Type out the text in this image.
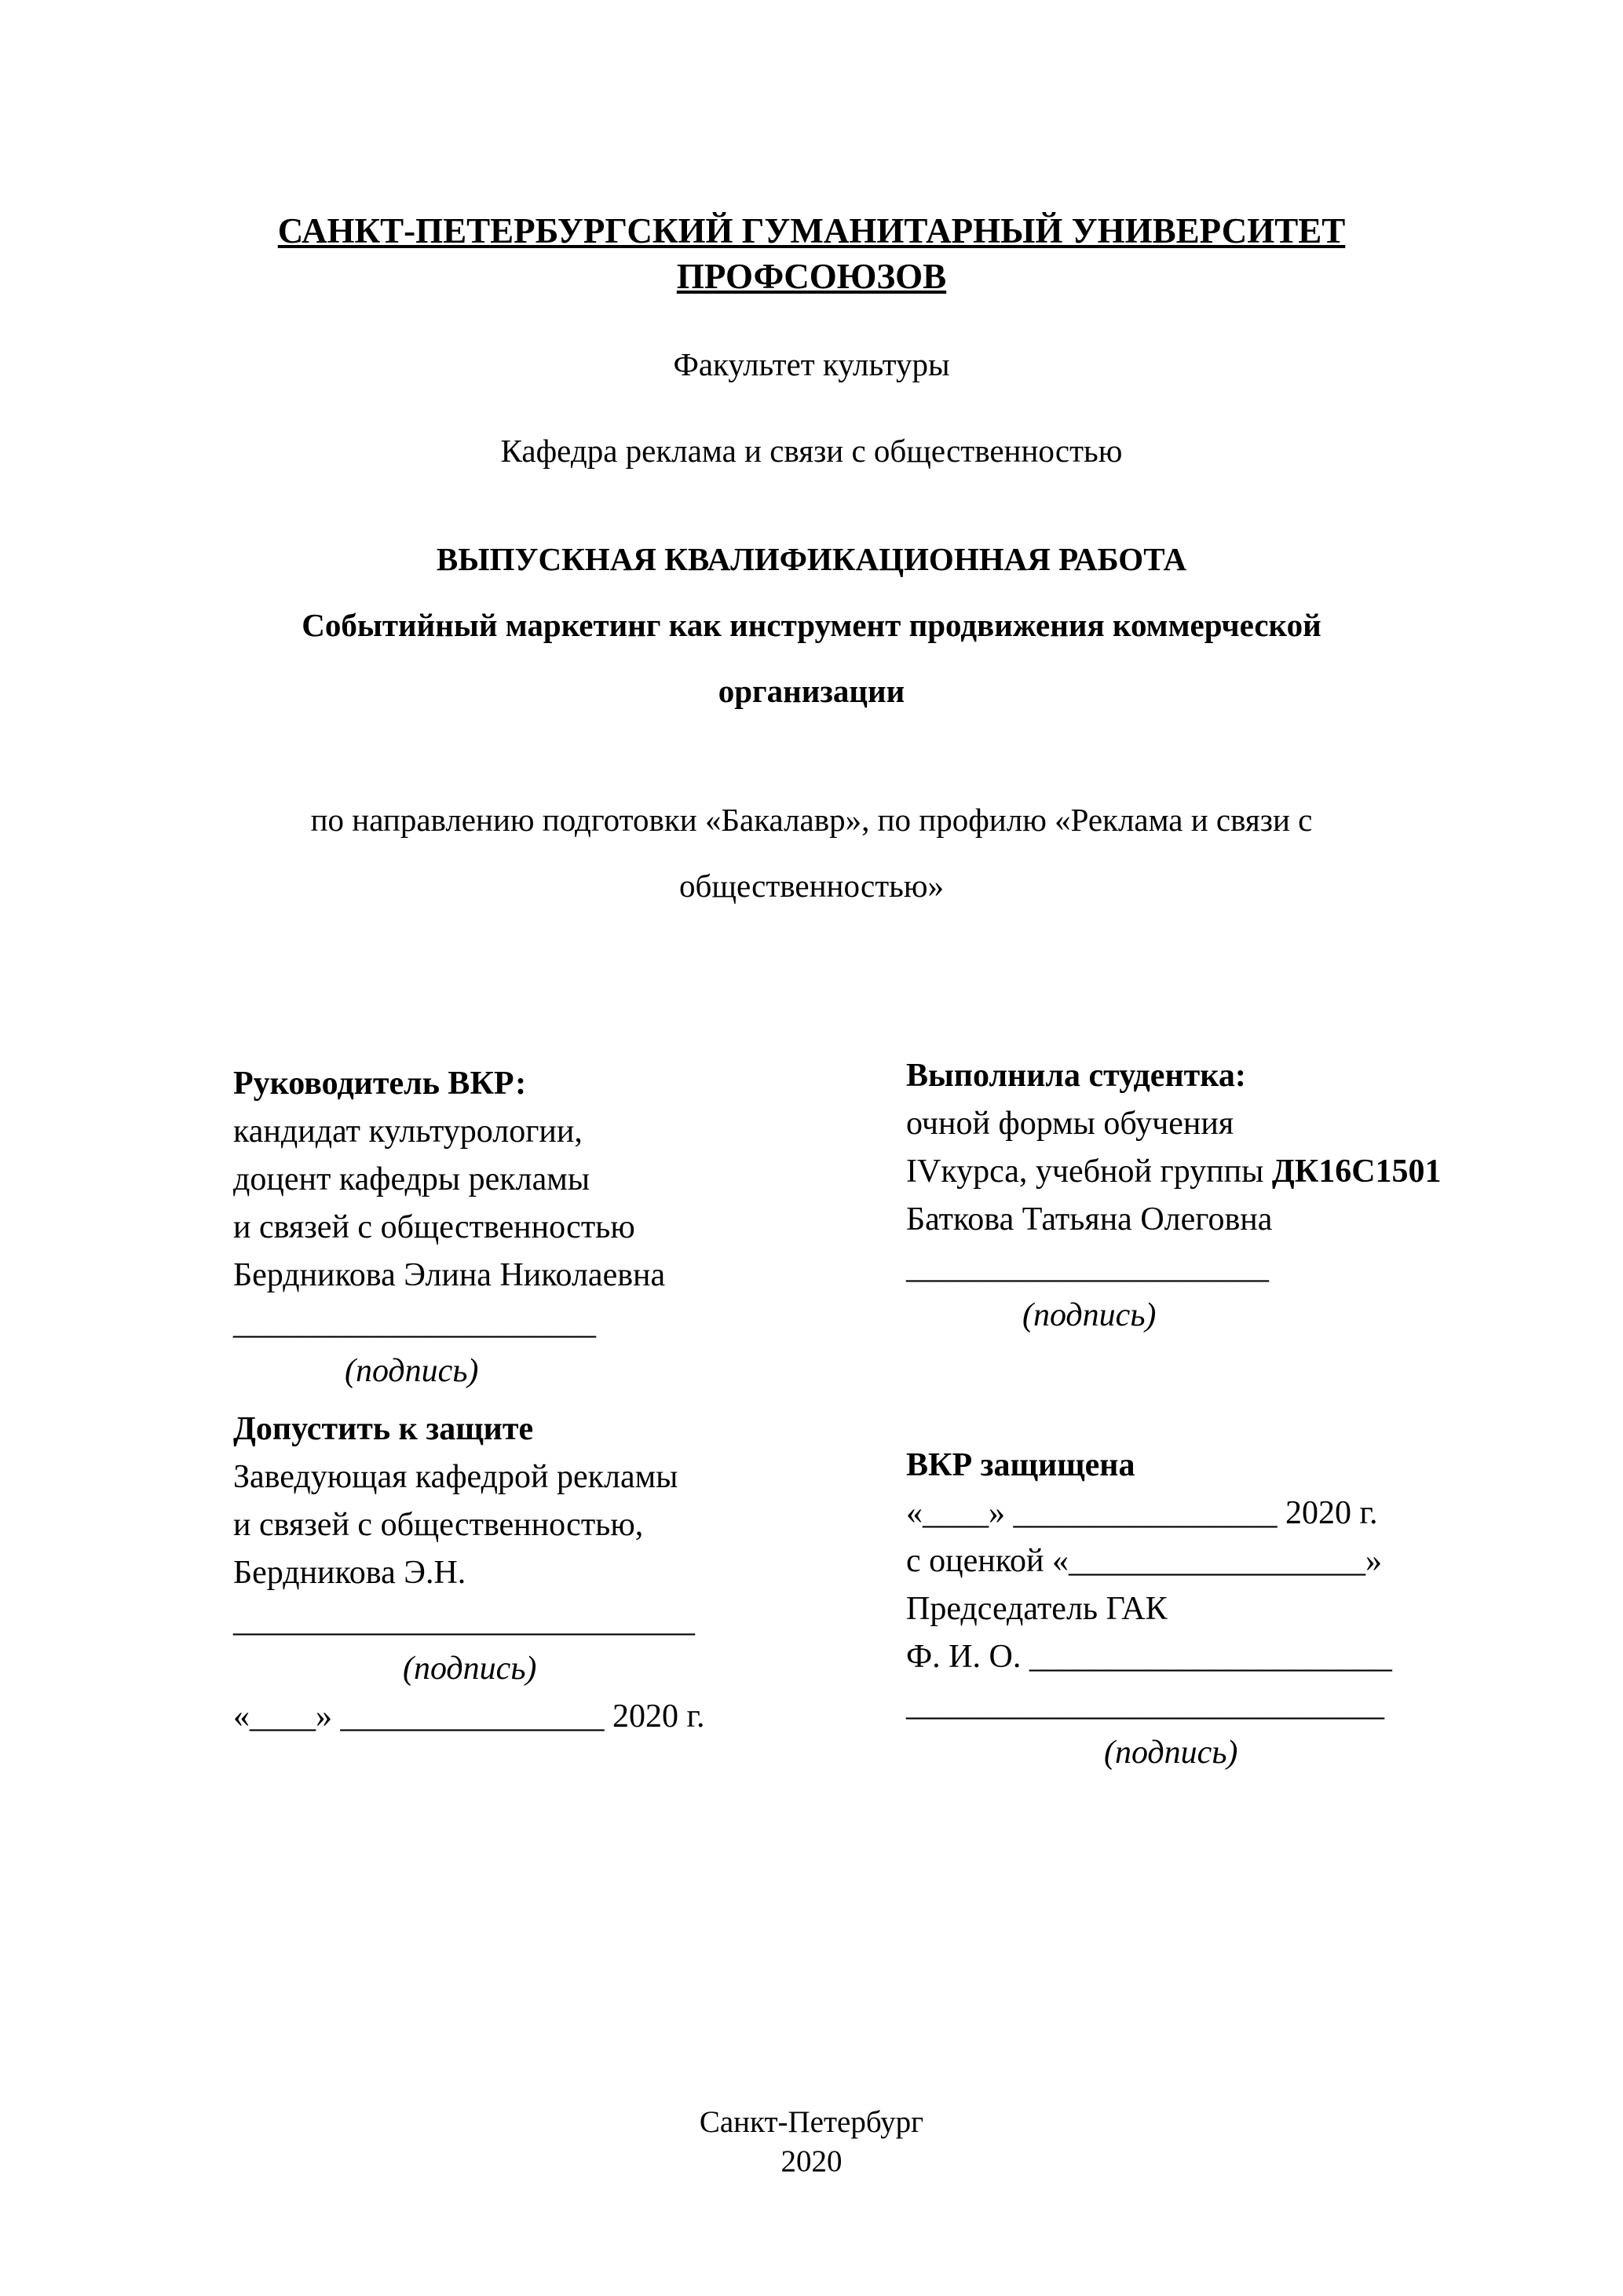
САНКТ-ПЕТЕРБУРГСКИЙ ГУМАНИТАРНЫЙ УНИВЕРСИТЕТ
ПРОФСОЮЗОВ
Факультет культуры
Кафедра реклама и связи с общественностью
ВЫПУСКНАЯ КВАЛИФИКАЦИОННАЯ РАБОТА
Событийный маркетинг как инструмент продвижения коммерческой
организации
по направлению подготовки «Бакалавр», по профилю «Реклама и связи с
общественностью»
Руководитель ВКР:
кандидат культурологии,
доцент кафедры рекламы
и связей с общественностью
Бердникова Элина Николаевна
______________________
(подпись)
Выполнила студентка:
очной формы обучения
IVкурса, учебной группы ДК16С1501
Баткова Татьяна Олеговна
______________________
(подпись)
Допустить к защите
Заведующая кафедрой рекламы
и связей с общественностью,
Бердникова Э.Н.
____________________________
(подпись)
«____» ________________ 2020 г.
ВКР защищена
«____» ________________ 2020 г.
с оценкой «__________________»
Председатель ГАК
Ф. И. О. ______________________
_____________________________
(подпись)
Санкт-Петербург
2020
